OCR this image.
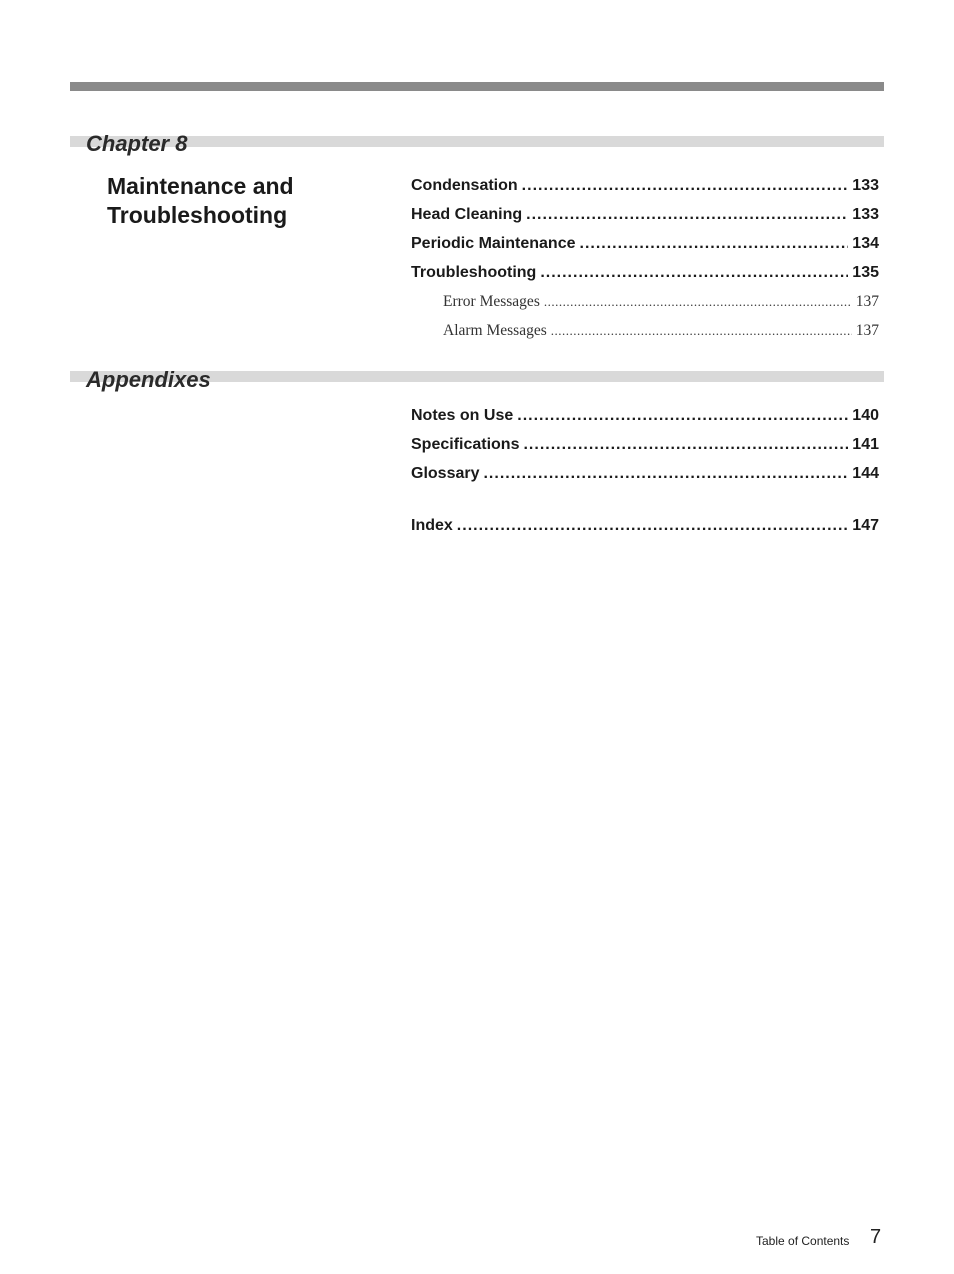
Chapter 8
Maintenance and
Troubleshooting
Condensation .....	133
Head Cleaning .....	133
Periodic Maintenance .....	134
Troubleshooting .....	135
Error Messages .....	137
Alarm Messages .....	137
Appendixes
Notes on Use .....	140
Specifications .....	141
Glossary .....	144
Index .....	147
Table of Contents 7
